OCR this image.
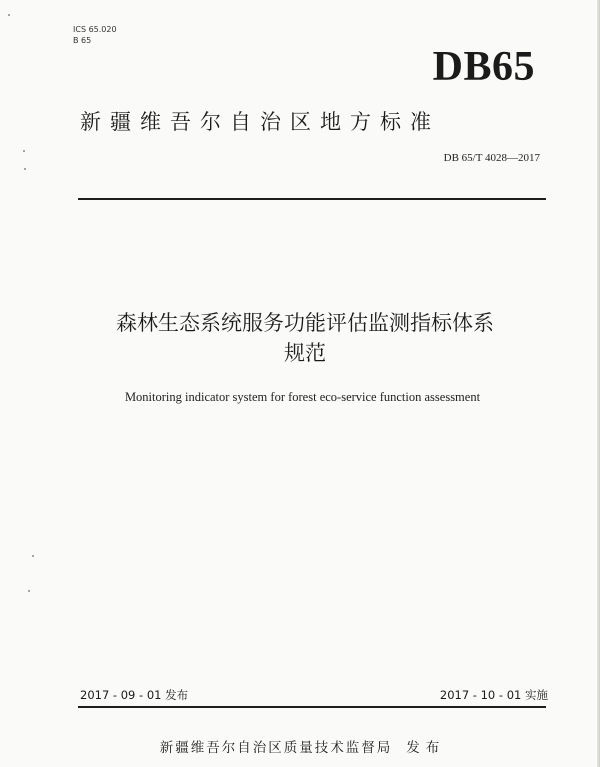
ICS 65.020
B 65
DB65
新疆维吾尔自治区地方标准
DB 65/T 4028—2017
森林生态系统服务功能评估监测指标体系
规范
Monitoring indicator system for forest eco-service function assessment
2017 - 09 - 01 发布	2017 - 10 - 01 实施
新疆维吾尔自治区质量技术监督局 发布
